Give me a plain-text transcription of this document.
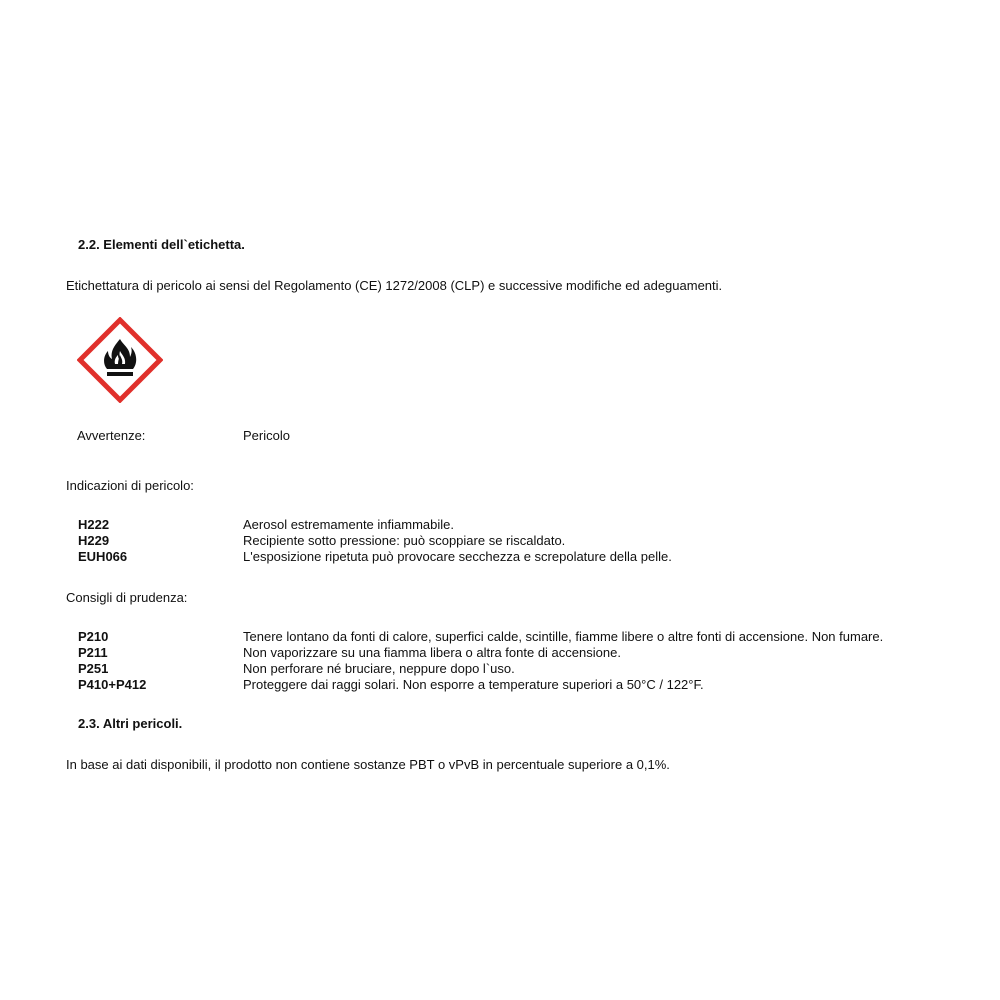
2.2. Elementi dell`etichetta.
Etichettatura di pericolo ai sensi del Regolamento (CE) 1272/2008 (CLP) e successive modifiche ed adeguamenti.
Avvertenze:	Pericolo
Indicazioni di pericolo:
H222	Aerosol estremamente infiammabile.
H229	Recipiente sotto pressione: può scoppiare se riscaldato.
EUH066	L'esposizione ripetuta può provocare secchezza e screpolature della pelle.
Consigli di prudenza:
P210	Tenere lontano da fonti di calore, superfici calde, scintille, fiamme libere o altre fonti di accensione. Non fumare.
P211	Non vaporizzare su una fiamma libera o altra fonte di accensione.
P251	Non perforare né bruciare, neppure dopo l`uso.
P410+P412	Proteggere dai raggi solari. Non esporre a temperature superiori a 50°C / 122°F.
2.3. Altri pericoli.
In base ai dati disponibili, il prodotto non contiene sostanze PBT o vPvB in percentuale superiore a 0,1%.
